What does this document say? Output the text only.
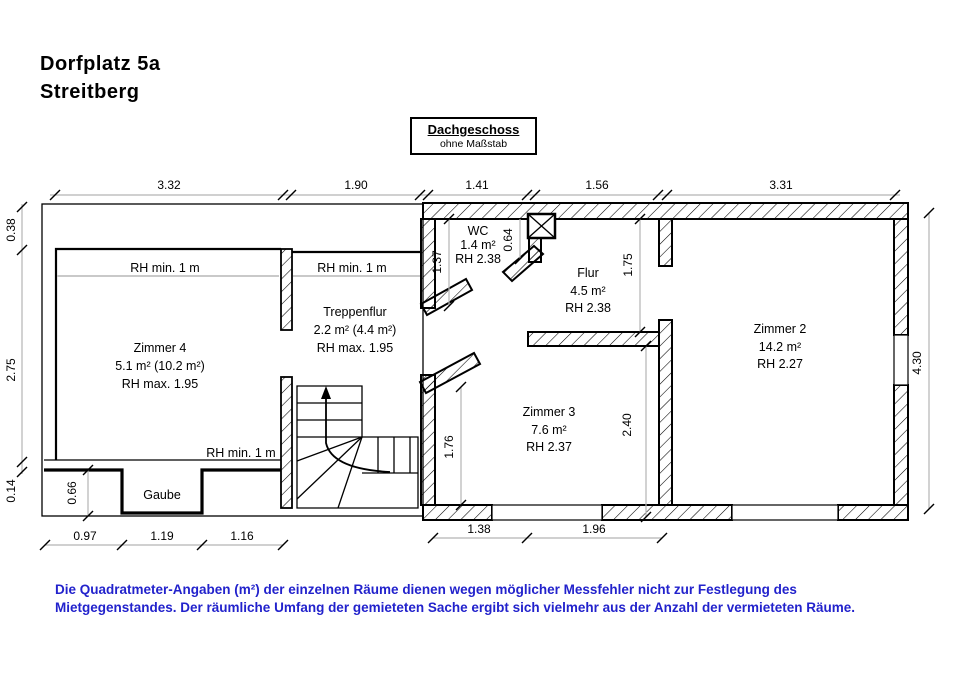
Dorfplatz 5a
Streitberg
Dachgeschoss
ohne Maßstab
Zimmer 4
5.1 m² (10.2 m²)
RH max. 1.95
Treppenflur
2.2 m² (4.4 m²)
RH max. 1.95
WC
1.4 m²
RH 2.38
Flur
4.5 m²
RH 2.38
Zimmer 2
14.2 m²
RH 2.27
Zimmer 3
7.6 m²
RH 2.37
Gaube
RH min. 1 m	RH min. 1 m
RH min. 1 m
3.32	1.90	1.41	1.56	3.31
0.38
2.75
0.14	0.66
0.97	1.19	1.16	1.38	1.96
4.30
1.37
0.64
1.75
2.40
1.76
Die Quadratmeter-Angaben (m²) der einzelnen Räume dienen wegen möglicher Messfehler nicht zur Festlegung des
Mietgegenstandes. Der räumliche Umfang der gemieteten Sache ergibt sich vielmehr aus der Anzahl der vermieteten Räume.
